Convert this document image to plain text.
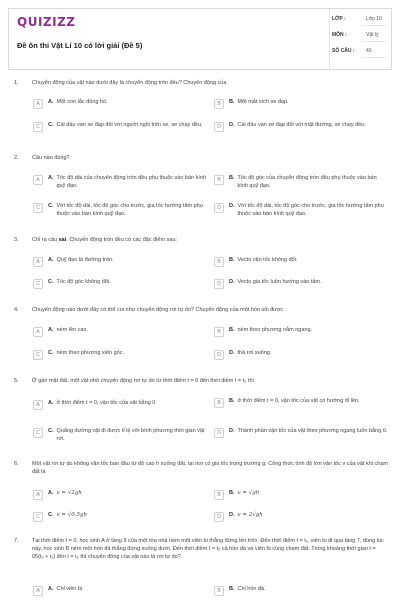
QUIZIZZ
Đề ôn thi Vật Lí 10 có lời giải (Đề 5)
LỚP :	Lớp 10
MÔN :	Vật lý
SỐ CÂU : 40
1. Chuyển động của vật nào dưới đây là chuyển động tròn đều? Chuyển động của
A	A. Một con lắc đồng hồ.	B	B. Một mắt xích xe đạp.
C	C. Cái đầu van xe đạp đối với người ngồi trên xe, xe chạy đều.	D	D. Cái đầu van xe đạp đối với mặt đường, xe chạy đều.
2. Câu nào đúng?
A	A. Tốc độ dài của chuyển động tròn đều phụ thuộc vào bán kính quỹ đạo.
B	B. Tốc độ góc của chuyển động tròn đều phụ thuộc vào bán kính quỹ đạo.
C	C. Với tốc độ dài, tốc độ góc cho trước, gia tốc hướng tâm phụ thuộc vào bán kính quỹ đạo.
D	D. Với tốc độ dài, tốc độ góc cho trước, gia tốc hướng tâm phụ thuộc vào bán kính quỹ đạo.
3. Chỉ ra câu sai. Chuyển động tròn đều có các đặc điểm sau:
A	A. Quỹ đạo là đường tròn.	B	B. Vecto vận tốc không đổi.
C	C. Tốc độ góc không đổi.	D	D. Vecto gia tốc luôn hướng vào tâm.
4. Chuyển động nào dưới đây có thể coi như chuyển động rơi tự do? Chuyển động của một hòn sỏi được
A	A. ném lên cao.	B	B. ném theo phương nằm ngang.
C	C. ném theo phương xiên góc.	D	D. thả rơi xuống.
5. Ở gần mặt đất, một vật nhỏ chuyển động rơi tự do từ thời điểm t = 0 đến thời điểm t = t₀ thì
A	A. ở thời điểm t = 0, vận tốc của vật bằng 0.	B	B. ở thời điểm t = 0, vận tốc của vật có hướng đi lên.
C	C. Quãng đường vật đi được tỉ lệ với bình phương thời gian vật rơi.
D	D. Thành phần vận tốc của vật theo phương ngang luôn bằng 0.
6. Một vật rơi tự do không vận tốc ban đầu từ độ cao h xuống đất, tại nơi có gia tốc trọng trường g. Công thức tính độ lớn vận tốc v của vật khi chạm đất là
A	A. v = √2gh	B	B. v = √gh
C	C. v = √0,5gh	D	D. v = 2√gh
7. Tại thời điểm t = 0, học sinh A ở tầng 9 của một tòa nhà ném một viên bi thẳng đứng lên trên. Đến thời điểm t = t₁, viên bi đi qua tầng 7, đúng lúc này, học sinh B ném một hòn đá thẳng đứng xuống dưới. Đến thời điểm t = t₂ cả hòn đá và viên bi cùng chạm đất. Trong khoảng thời gian t = 05(t₂ + t₁) đến t = t₂ thì chuyển động của vật nào là rơi tự do?
A	A. Chỉ viên bi.	B	B. Chỉ hòn đá.
